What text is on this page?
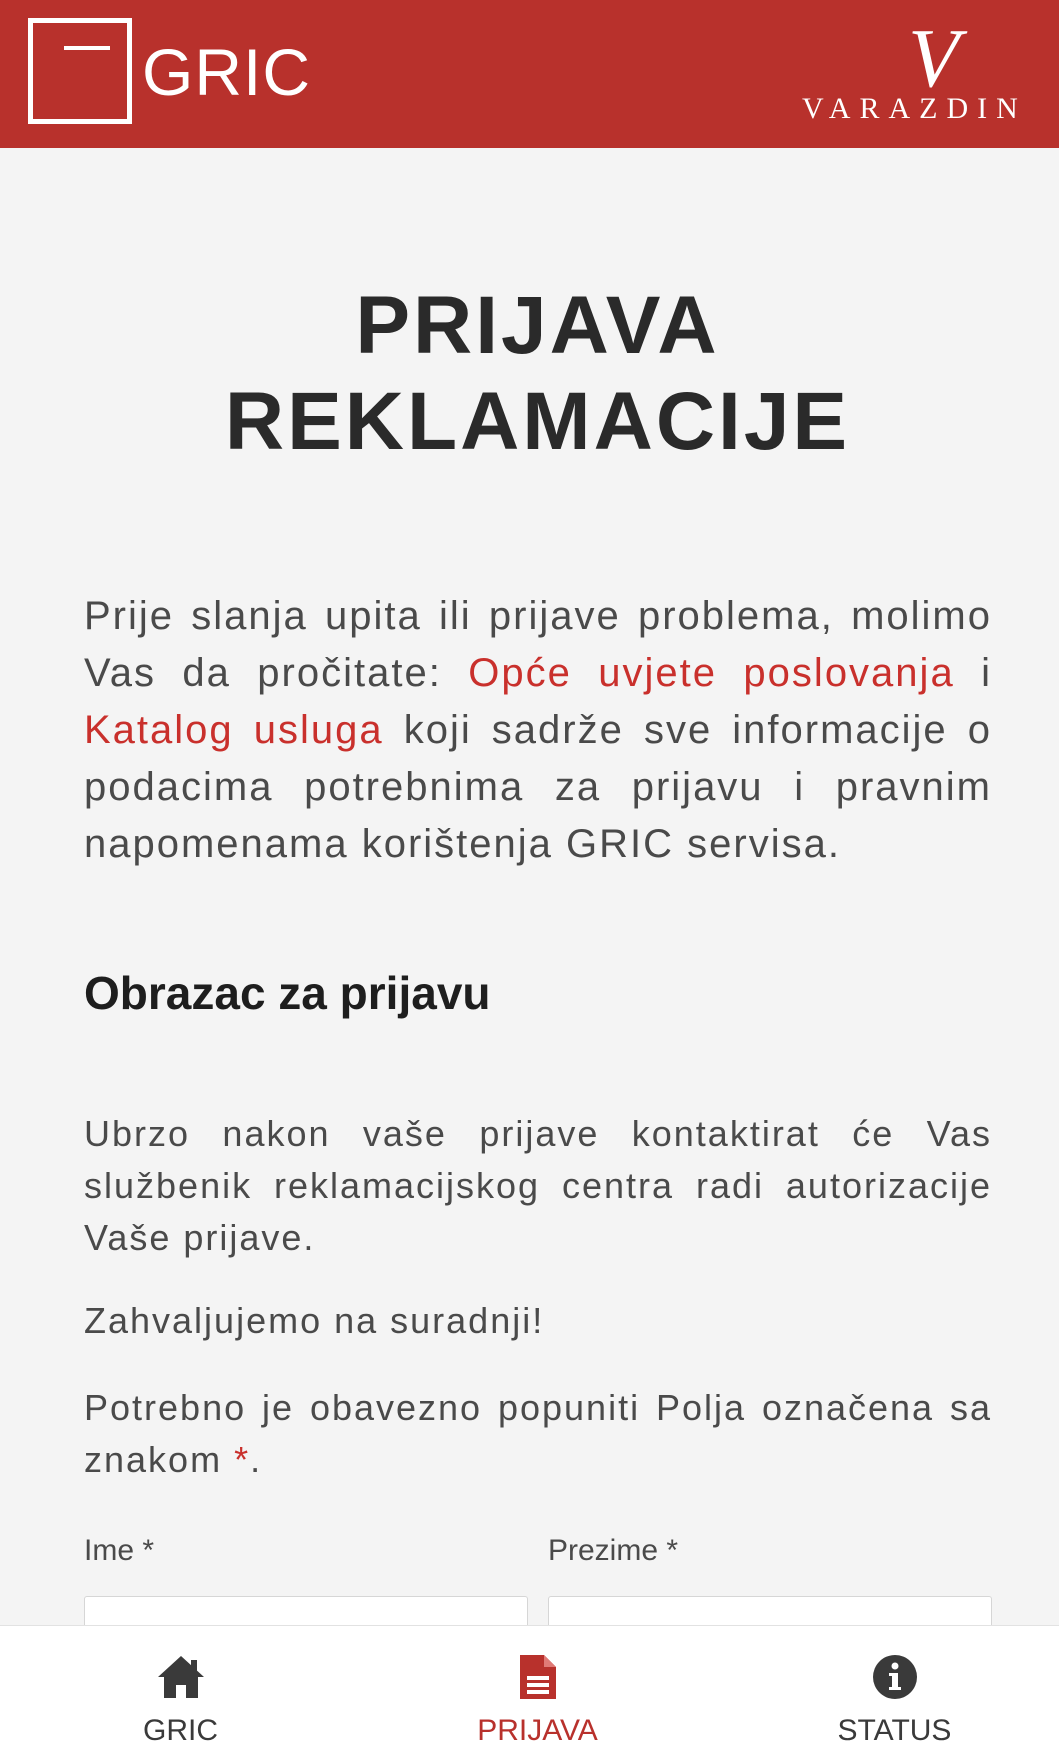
GRIC	V
VARAZDIN
PRIJAVA
REKLAMACIJE

Prije slanja upita ili prijave problema, molimo Vas da pročitate: Opće uvjete poslovanja i Katalog usluga koji sadrže sve informacije o podacima potrebnima za prijavu i pravnim napomenama korištenja GRIC servisa.

Obrazac za prijavu

Ubrzo nakon vaše prijave kontaktirat će Vas službenik reklamacijskog centra radi autorizacije Vaše prijave.

Zahvaljujemo na suradnji!

Potrebno je obavezno popuniti Polja označena sa znakom *.

Ime *	Prezime *
GRIC	PRIJAVA	STATUS
